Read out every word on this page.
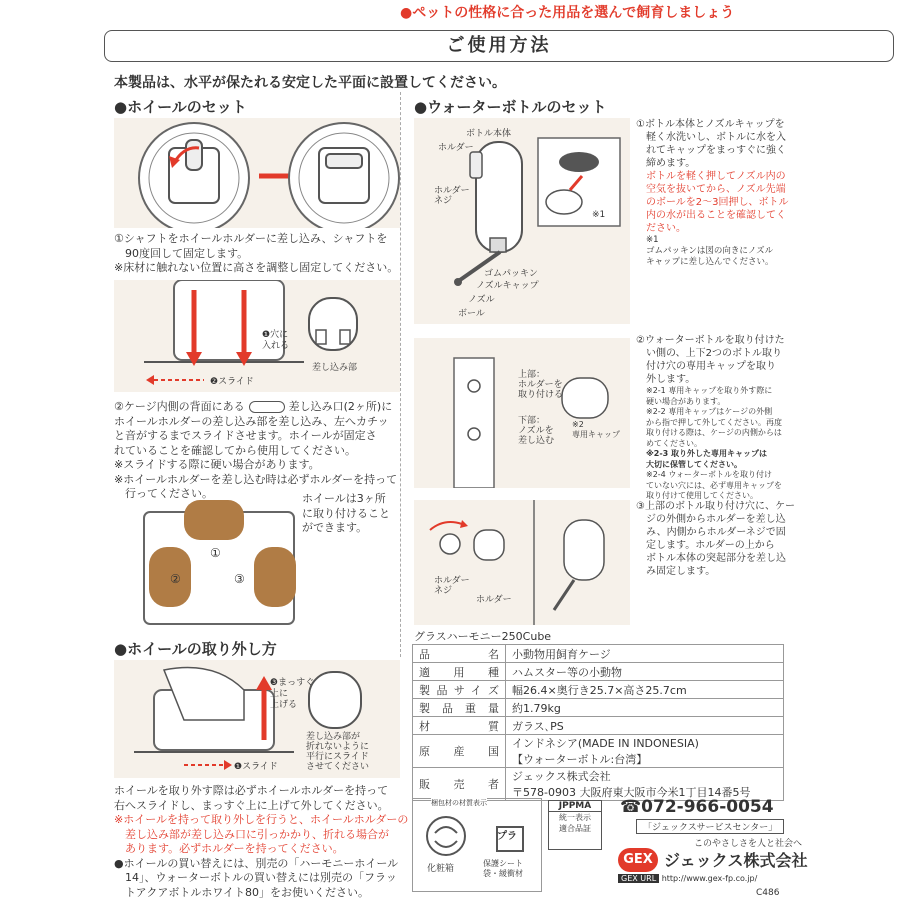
●ペットの性格に合った用品を選んで飼育しましょう
ご使用方法
本製品は、水平が保たれる安定した平面に設置してください。
●ホイールのセット
①シャフトをホイールホルダーに差し込み、シャフトを
　90度回して固定します。
※床材に触れない位置に高さを調整し固定してください。
❶穴に
入れる
❷スライド
差し込み部
②ケージ内側の背面にある	差し込み口(2ヶ所)に
ホイールホルダーの差し込み部を差し込み、左へカチッ
と音がするまでスライドさせます。ホイールが固定さ
れていることを確認してから使用してください。
※スライドする際に硬い場合があります。
※ホイールホルダーを差し込む時は必ずホルダーを持って
　行ってください。
①
②	③
ホイールは3ヶ所
に取り付けること
ができます。
●ホイールの取り外し方
❸まっすぐ
上に
上げる
❶スライド
差し込み部が
折れないように
平行にスライド
させてください
ホイールを取り外す際は必ずホイールホルダーを持って
右へスライドし、まっすぐ上に上げて外してください。
※ホイールを持って取り外しを行うと、ホイールホルダーの
　差し込み部が差し込み口に引っかかり、折れる場合が
　あります。必ずホルダーを持ってください。
●ホイールの買い替えには、別売の「ハーモニーホイール
　14」、ウォーターボトルの買い替えには別売の「フラッ
　トアクアボトルホワイト80」をお使いください。
●ウォーターボトルのセット
ボトル本体
ホルダー
ホルダー
ネジ
ゴムパッキン
ノズルキャップ
ノズル
ボール
※1
①ボトル本体とノズルキャップを
　軽く水洗いし、ボトルに水を入
　れてキャップをまっすぐに強く
　締めます。
ボトルを軽く押してノズル内の
空気を抜いてから、ノズル先端
のボールを2～3回押し、ボトル
内の水が出ることを確認してく
ださい。
※1
ゴムパッキンは図の向きにノズル
キャップに差し込んでください。
上部：
ホルダーを
取り付ける
下部：
ノズルを
差し込む
※2
専用キャップ
②ウォーターボトルを取り付けた
　い側の、上下2つのボトル取り
　付け穴の専用キャップを取り
　外します。
※2-1 専用キャップを取り外す際に
硬い場合があります。
※2-2 専用キャップはケージの外側
から指で押して外してください。再度
取り付ける際は、ケージの内側からは
めてください。
※2-3 取り外した専用キャップは
大切に保管してください。
※2-4 ウォーターボトルを取り付け
ていない穴には、必ず専用キャップを
取り付けて使用してください。
ホルダー
ネジ
ホルダー
③上部のボトル取り付け穴に、ケー
　ジの外側からホルダーを差し込
　み、内側からホルダーネジで固
　定します。ホルダーの上から
　ボトル本体の突起部分を差し込
　み固定します。
グラスハーモニー250Cube
品名	小動物用飼育ケージ
適用種	ハムスター等の小動物
製品サイズ	幅26.4×奥行き25.7×高さ25.7cm
製品重量	約1.79kg
材質	ガラス､PS
原産国	インドネシア(MADE IN INDONESIA)
【ウォーターボトル:台湾】
販売者	ジェックス株式会社
〒578-0903 大阪府東大阪市今米1丁目14番5号
梱包材の材質表示
プラ
化粧箱
保護シート
袋・緩衝材
JPPMA
統一表示
適合品証
☎072-966-0054
「ジェックスサービスセンター」
このやさしさを人と社会へ
GEX ジェックス株式会社
GEX URL http://www.gex-fp.co.jp/
C486
